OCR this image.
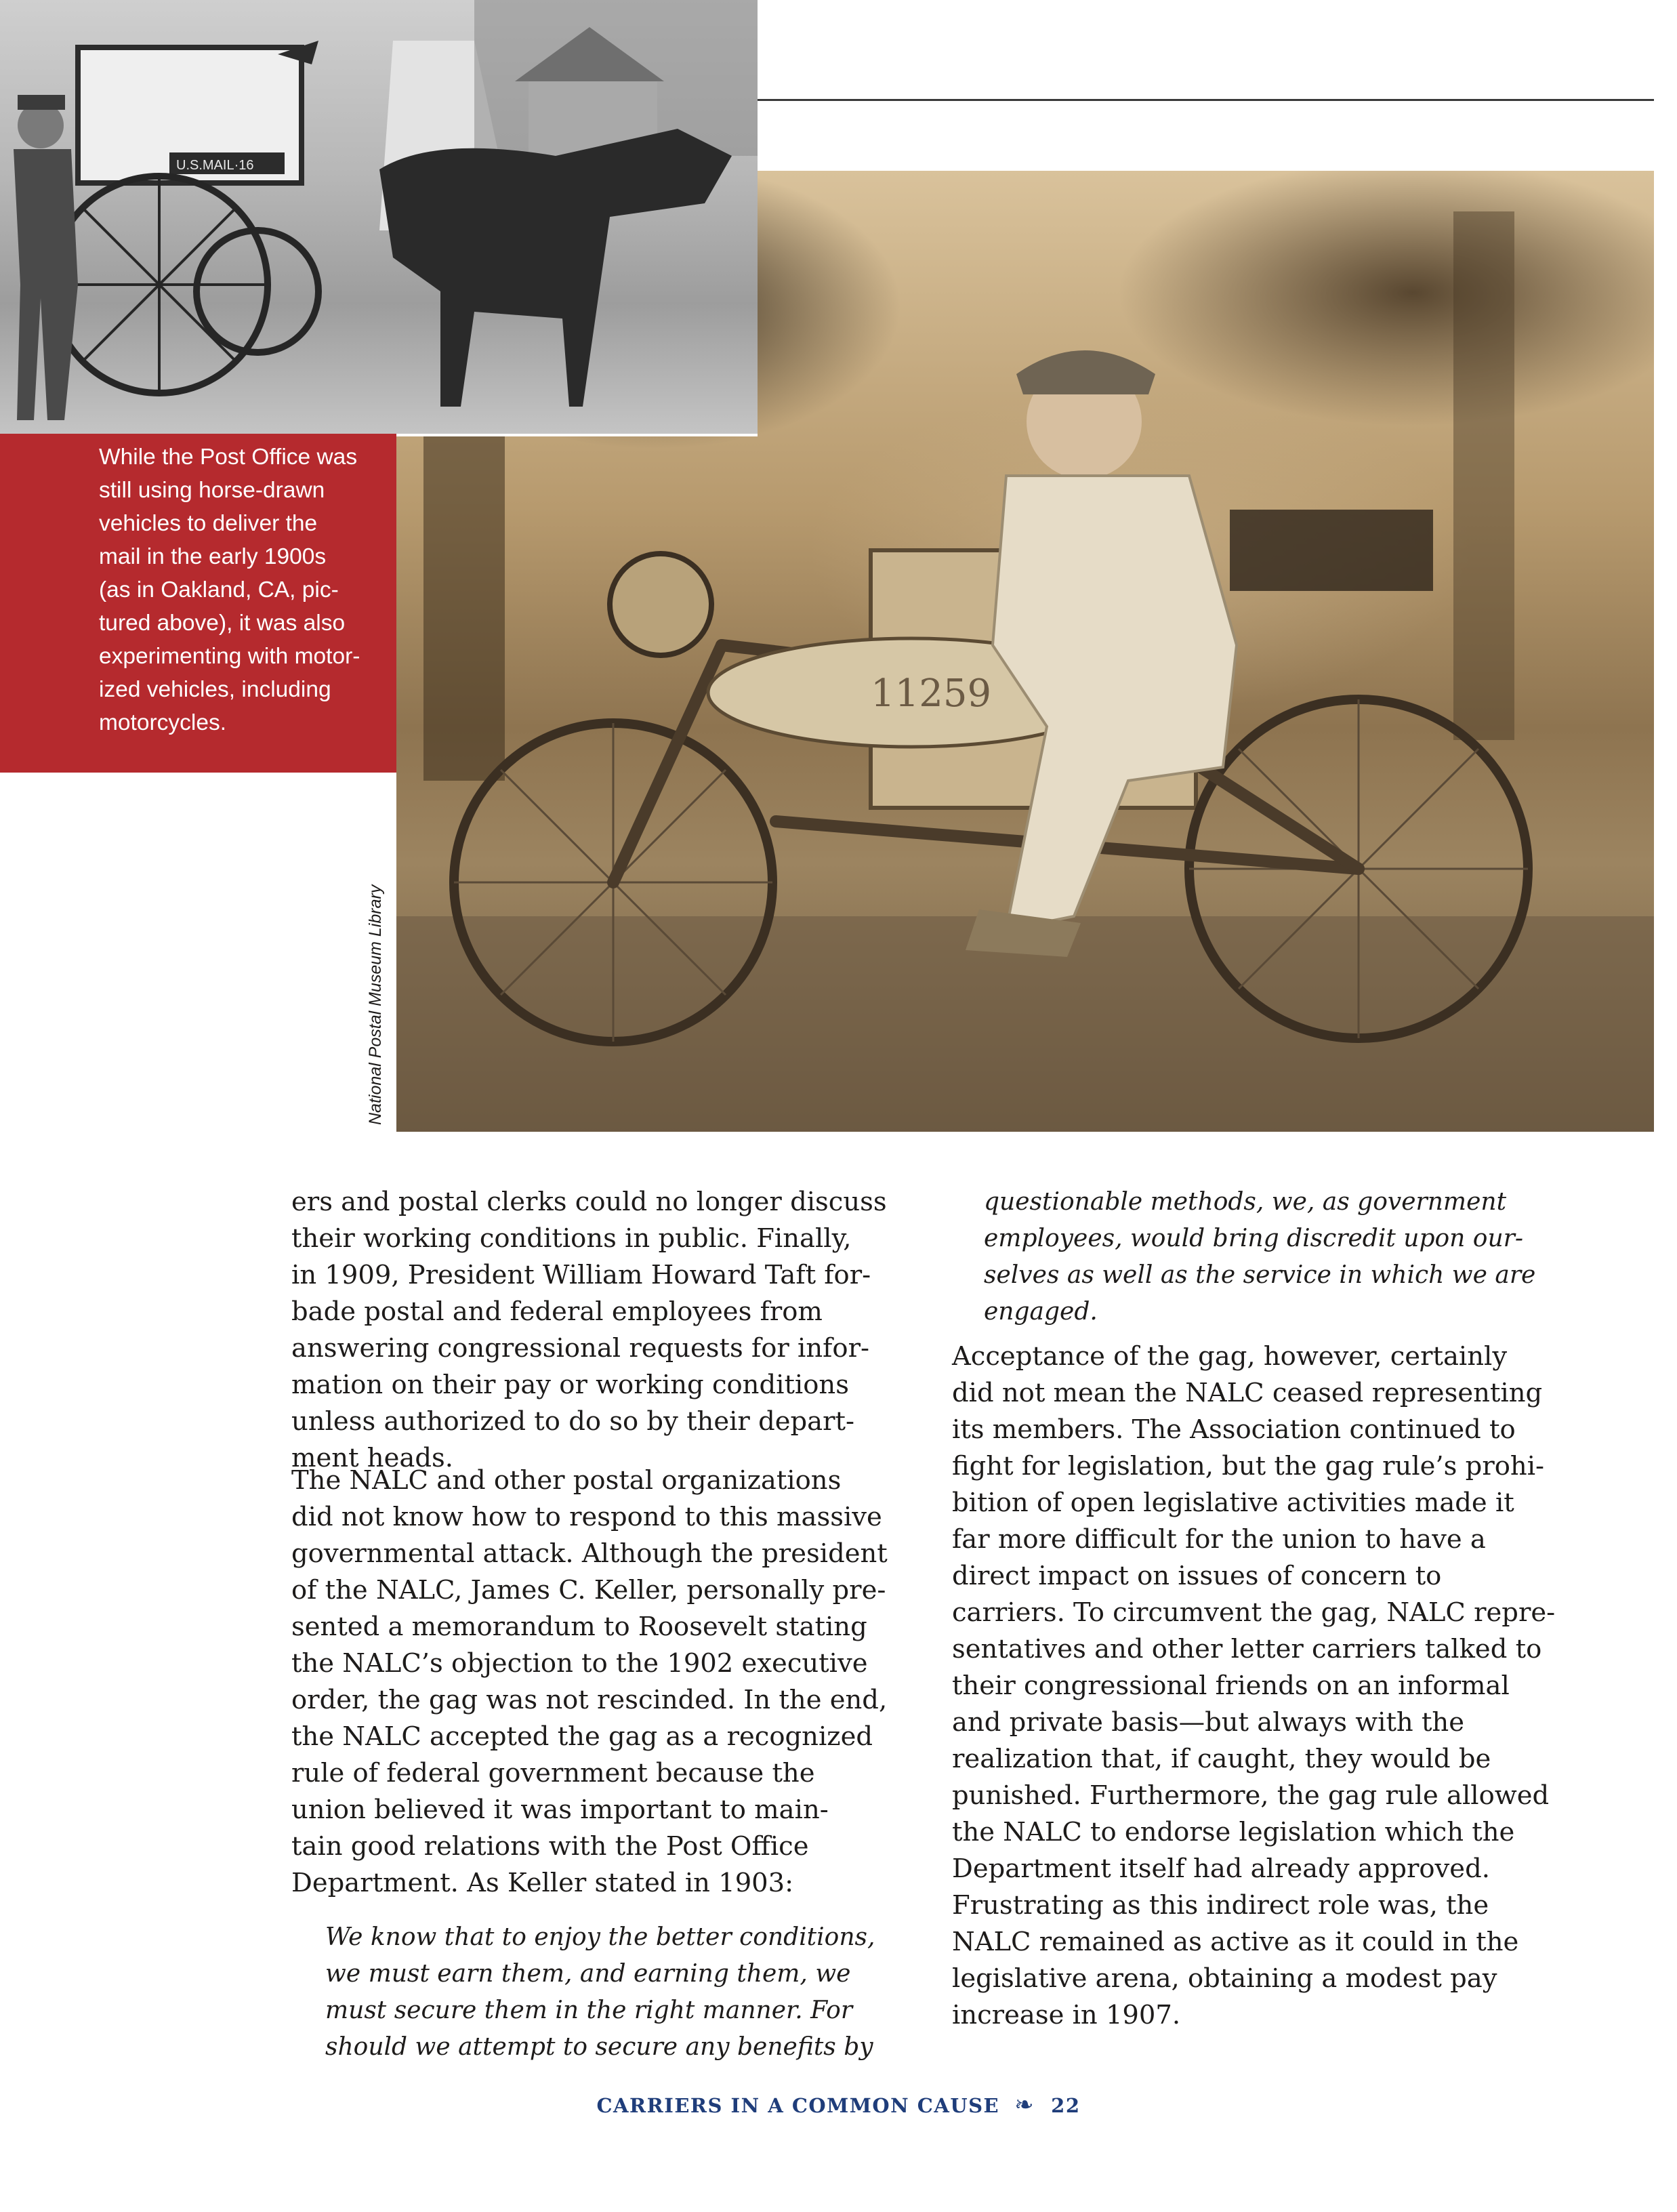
11259
U.S.MAIL·16

While the Post Office was
still using horse-drawn
vehicles to deliver the
mail in the early 1900s
(as in Oakland, CA, pic-
tured above), it was also
experimenting with motor-
ized vehicles, including
motorcycles.

National Postal Museum Library

ers and postal clerks could no longer discuss
their working conditions in public. Finally,
in 1909, President William Howard Taft for-
bade postal and federal employees from
answering congressional requests for infor-
mation on their pay or working conditions
unless authorized to do so by their depart-
ment heads.

The NALC and other postal organizations
did not know how to respond to this massive
governmental attack. Although the president
of the NALC, James C. Keller, personally pre-
sented a memorandum to Roosevelt stating
the NALC’s objection to the 1902 executive
order, the gag was not rescinded. In the end,
the NALC accepted the gag as a recognized
rule of federal government because the
union believed it was important to main-
tain good relations with the Post Office
Department. As Keller stated in 1903:

We know that to enjoy the better conditions,
we must earn them, and earning them, we
must secure them in the right manner. For
should we attempt to secure any benefits by

questionable methods, we, as government
employees, would bring discredit upon our-
selves as well as the service in which we are
engaged.

Acceptance of the gag, however, certainly
did not mean the NALC ceased representing
its members. The Association continued to
fight for legislation, but the gag rule’s prohi-
bition of open legislative activities made it
far more difficult for the union to have a
direct impact on issues of concern to
carriers. To circumvent the gag, NALC repre-
sentatives and other letter carriers talked to
their congressional friends on an informal
and private basis—but always with the
realization that, if caught, they would be
punished. Furthermore, the gag rule allowed
the NALC to endorse legislation which the
Department itself had already approved.
Frustrating as this indirect role was, the
NALC remained as active as it could in the
legislative arena, obtaining a modest pay
increase in 1907.

CARRIERS IN A COMMON CAUSE ❧ 22
